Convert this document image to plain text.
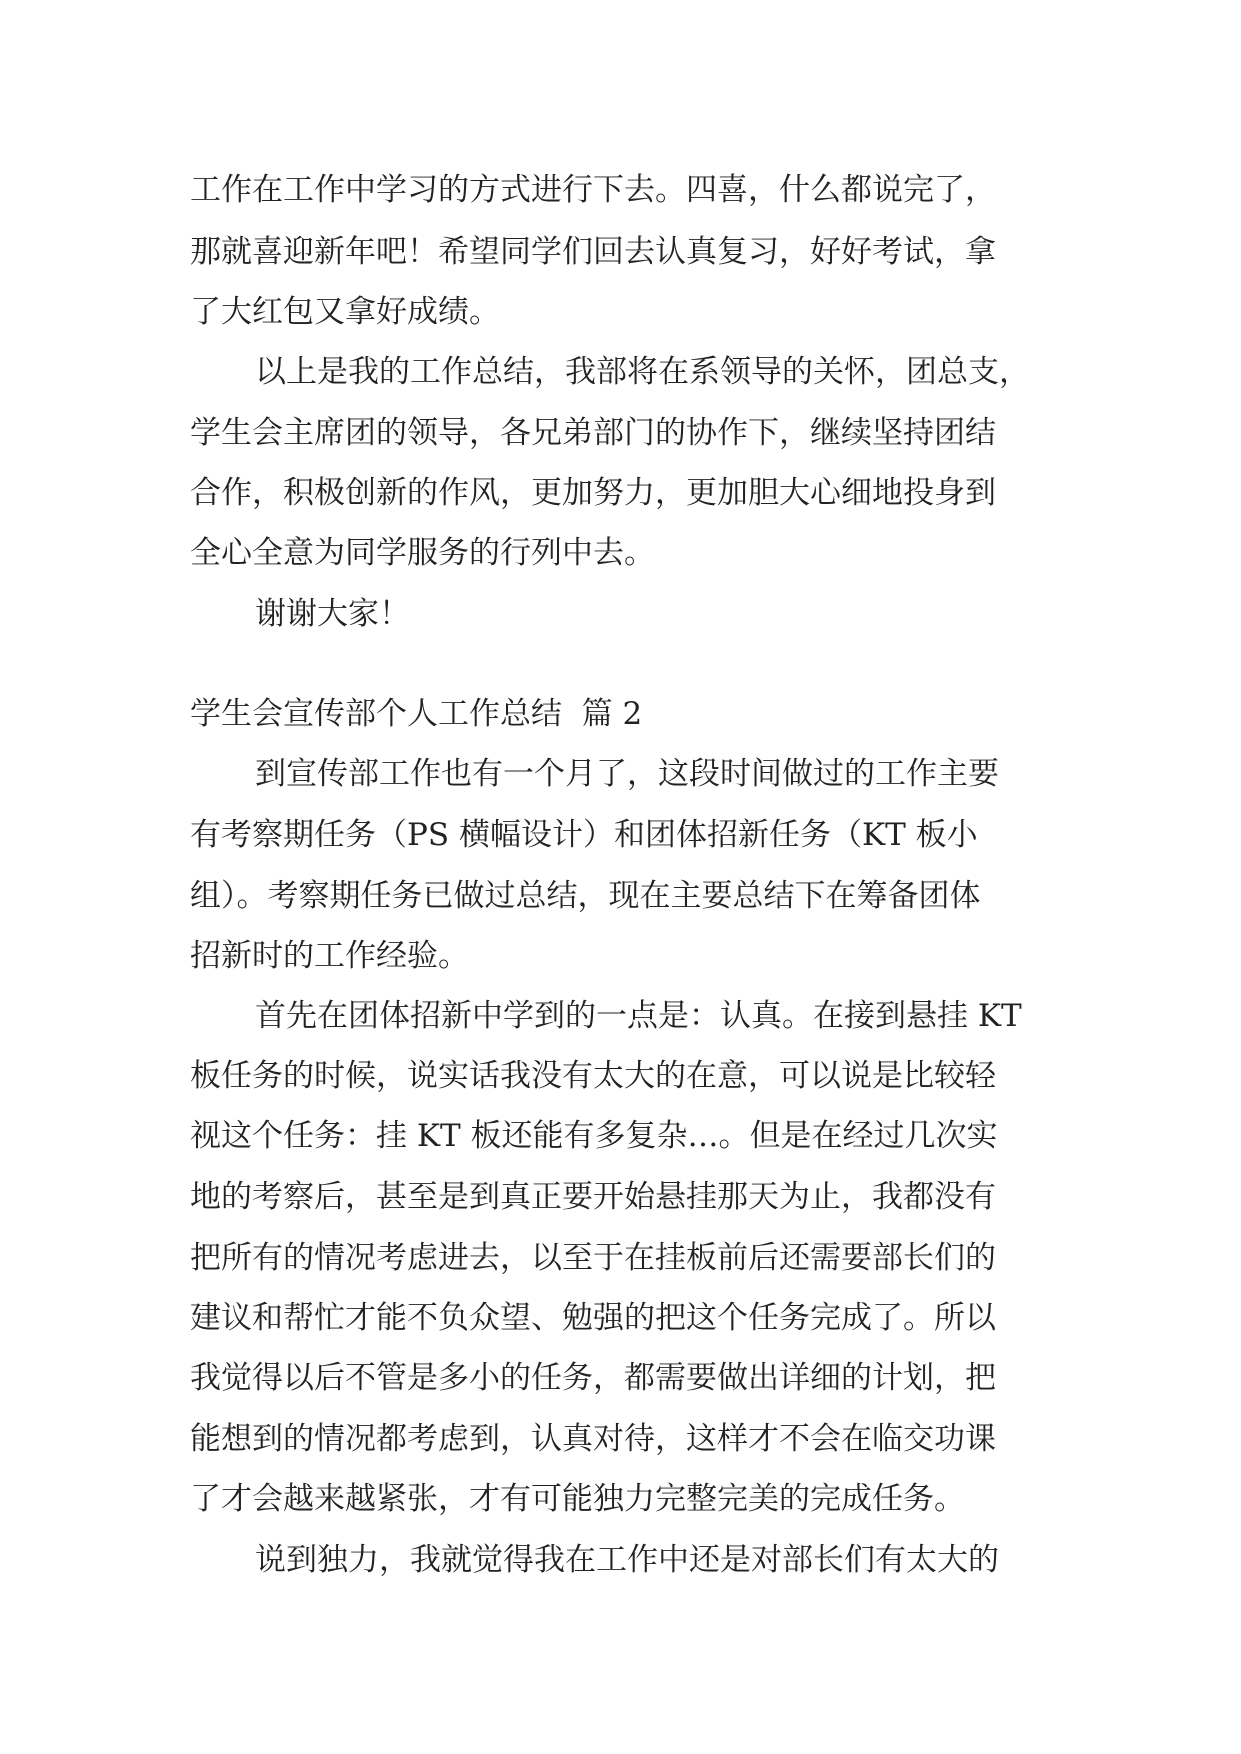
工作在工作中学习的方式进行下去。四喜，什么都说完了，

那就喜迎新年吧！希望同学们回去认真复习，好好考试，拿

了大红包又拿好成绩。

以上是我的工作总结，我部将在系领导的关怀，团总支，

学生会主席团的领导，各兄弟部门的协作下，继续坚持团结

合作，积极创新的作风，更加努力，更加胆大心细地投身到

全心全意为同学服务的行列中去。

谢谢大家！

学生会宣传部个人工作总结  篇 2

到宣传部工作也有一个月了，这段时间做过的工作主要

有考察期任务（PS 横幅设计）和团体招新任务（KT 板小

组）。考察期任务已做过总结，现在主要总结下在筹备团体

招新时的工作经验。

首先在团体招新中学到的一点是：认真。在接到悬挂 KT

板任务的时候，说实话我没有太大的在意，可以说是比较轻

视这个任务：挂 KT 板还能有多复杂…。但是在经过几次实

地的考察后，甚至是到真正要开始悬挂那天为止，我都没有

把所有的情况考虑进去，以至于在挂板前后还需要部长们的

建议和帮忙才能不负众望、勉强的把这个任务完成了。所以

我觉得以后不管是多小的任务，都需要做出详细的计划，把

能想到的情况都考虑到，认真对待，这样才不会在临交功课

了才会越来越紧张，才有可能独力完整完美的完成任务。

说到独力，我就觉得我在工作中还是对部长们有太大的
